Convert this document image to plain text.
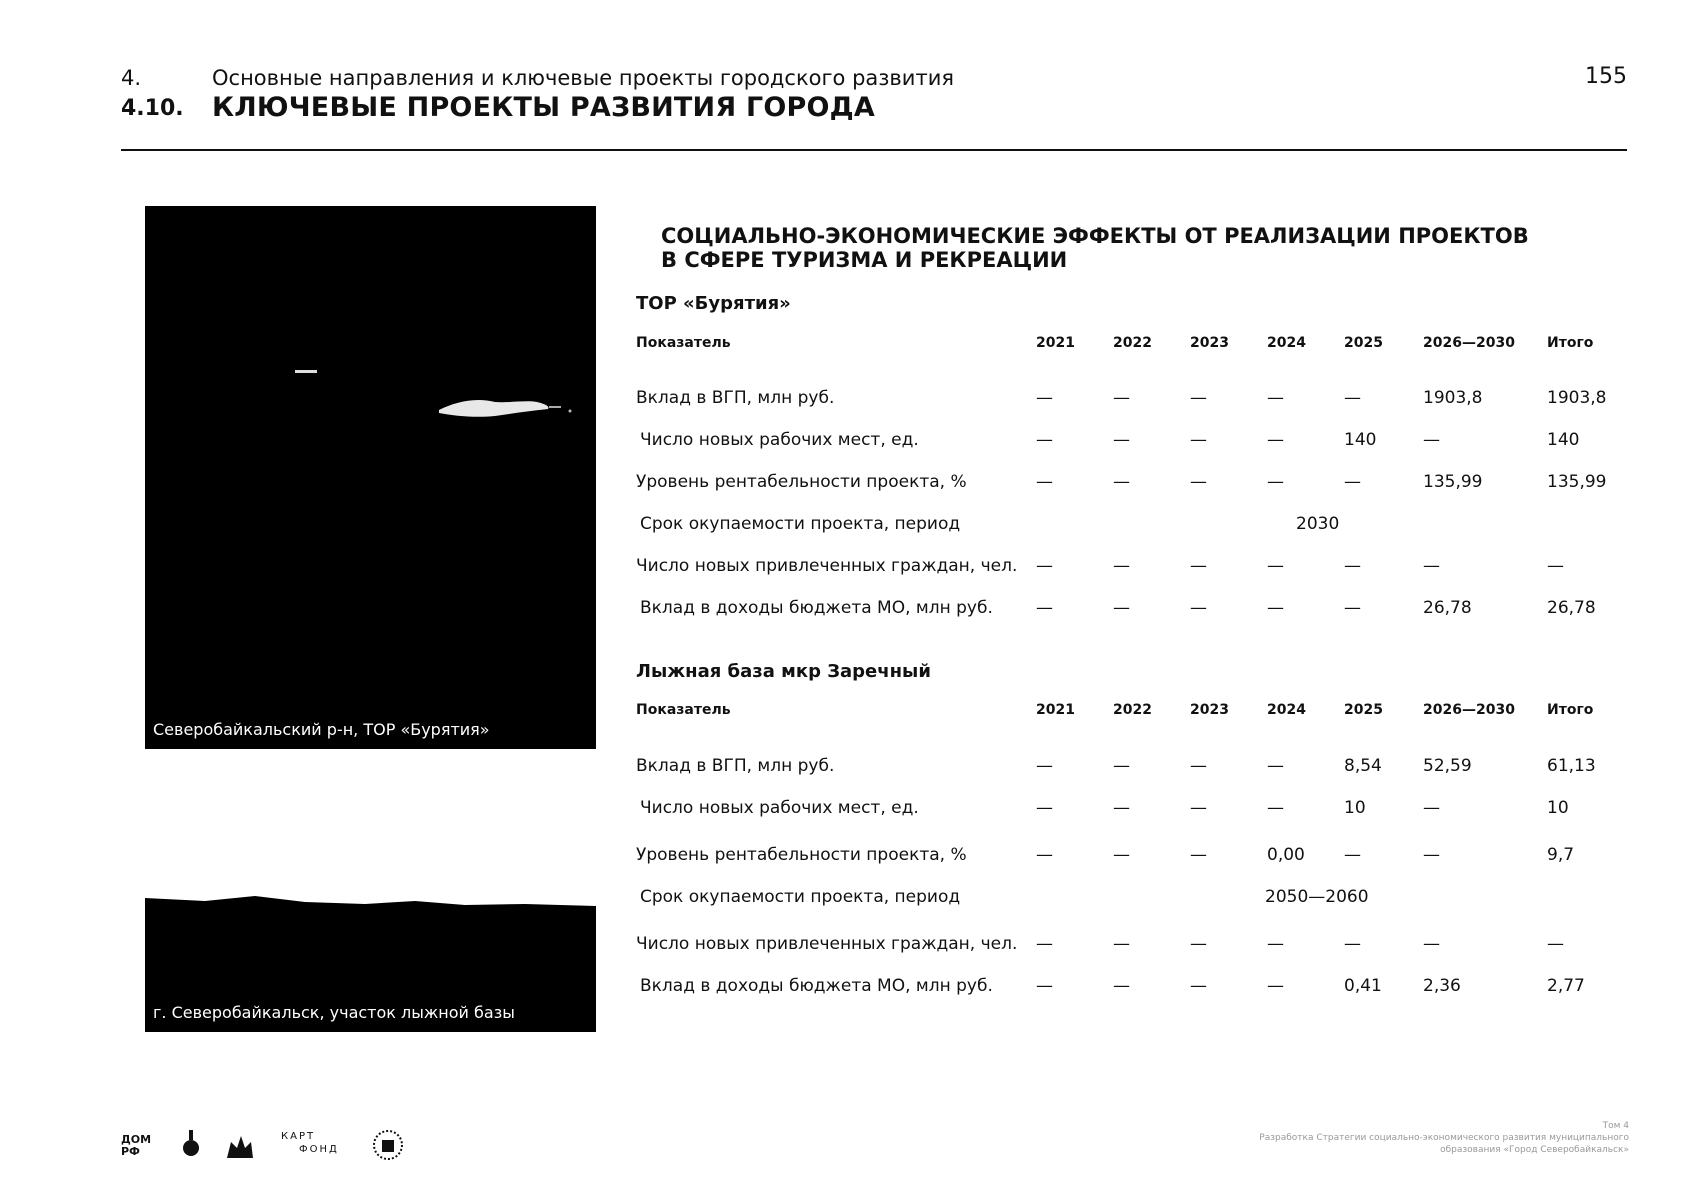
4.	Основные направления и ключевые проекты городского развития
4.10. КЛЮЧЕВЫЕ ПРОЕКТЫ РАЗВИТИЯ ГОРОДА
155
Северобайкальский р-н, ТОР «Бурятия»
г. Северобайкальск, участок лыжной базы
СОЦИАЛЬНО-ЭКОНОМИЧЕСКИЕ ЭФФЕКТЫ ОТ РЕАЛИЗАЦИИ ПРОЕКТОВ
В СФЕРЕ ТУРИЗМА И РЕКРЕАЦИИ
ТОР «Бурятия»
Лыжная база мкр Заречный
Показатель	2021	2022	2023	2024	2025	2026—2030 Итого
Вклад в ВГП, млн руб.	—	—	—	—	—	1903,8	1903,8
Число новых рабочих мест, ед.	—	—	—	—	140	—	140
Уровень рентабельности проекта, %	—	—	—	—	—	135,99	135,99
Срок окупаемости проекта, период	2030
Число новых привлеченных граждан, чел. —	—	—	—	—	—	—
Вклад в доходы бюджета МО, млн руб.	—	—	—	—	—	26,78	26,78
Показатель	2021	2022	2023	2024	2025	2026—2030 Итого
Вклад в ВГП, млн руб.	—	—	—	—	8,54 52,59	61,13
Число новых рабочих мест, ед.	—	—	—	—	10	—	10
Уровень рентабельности проекта, %	—	—	—	0,00 —	—	9,7
Срок окупаемости проекта, период	2050—2060
Число новых привлеченных граждан, чел. —	—	—	—	—	—	—
Вклад в доходы бюджета МО, млн руб.	—	—	—	—	0,41 2,36	2,77
ДОМ
РФ
КАРТ
ФОНД
Том 4
Разработка Стратегии социально-экономического развития муниципального
образования «Город Северобайкальск»
